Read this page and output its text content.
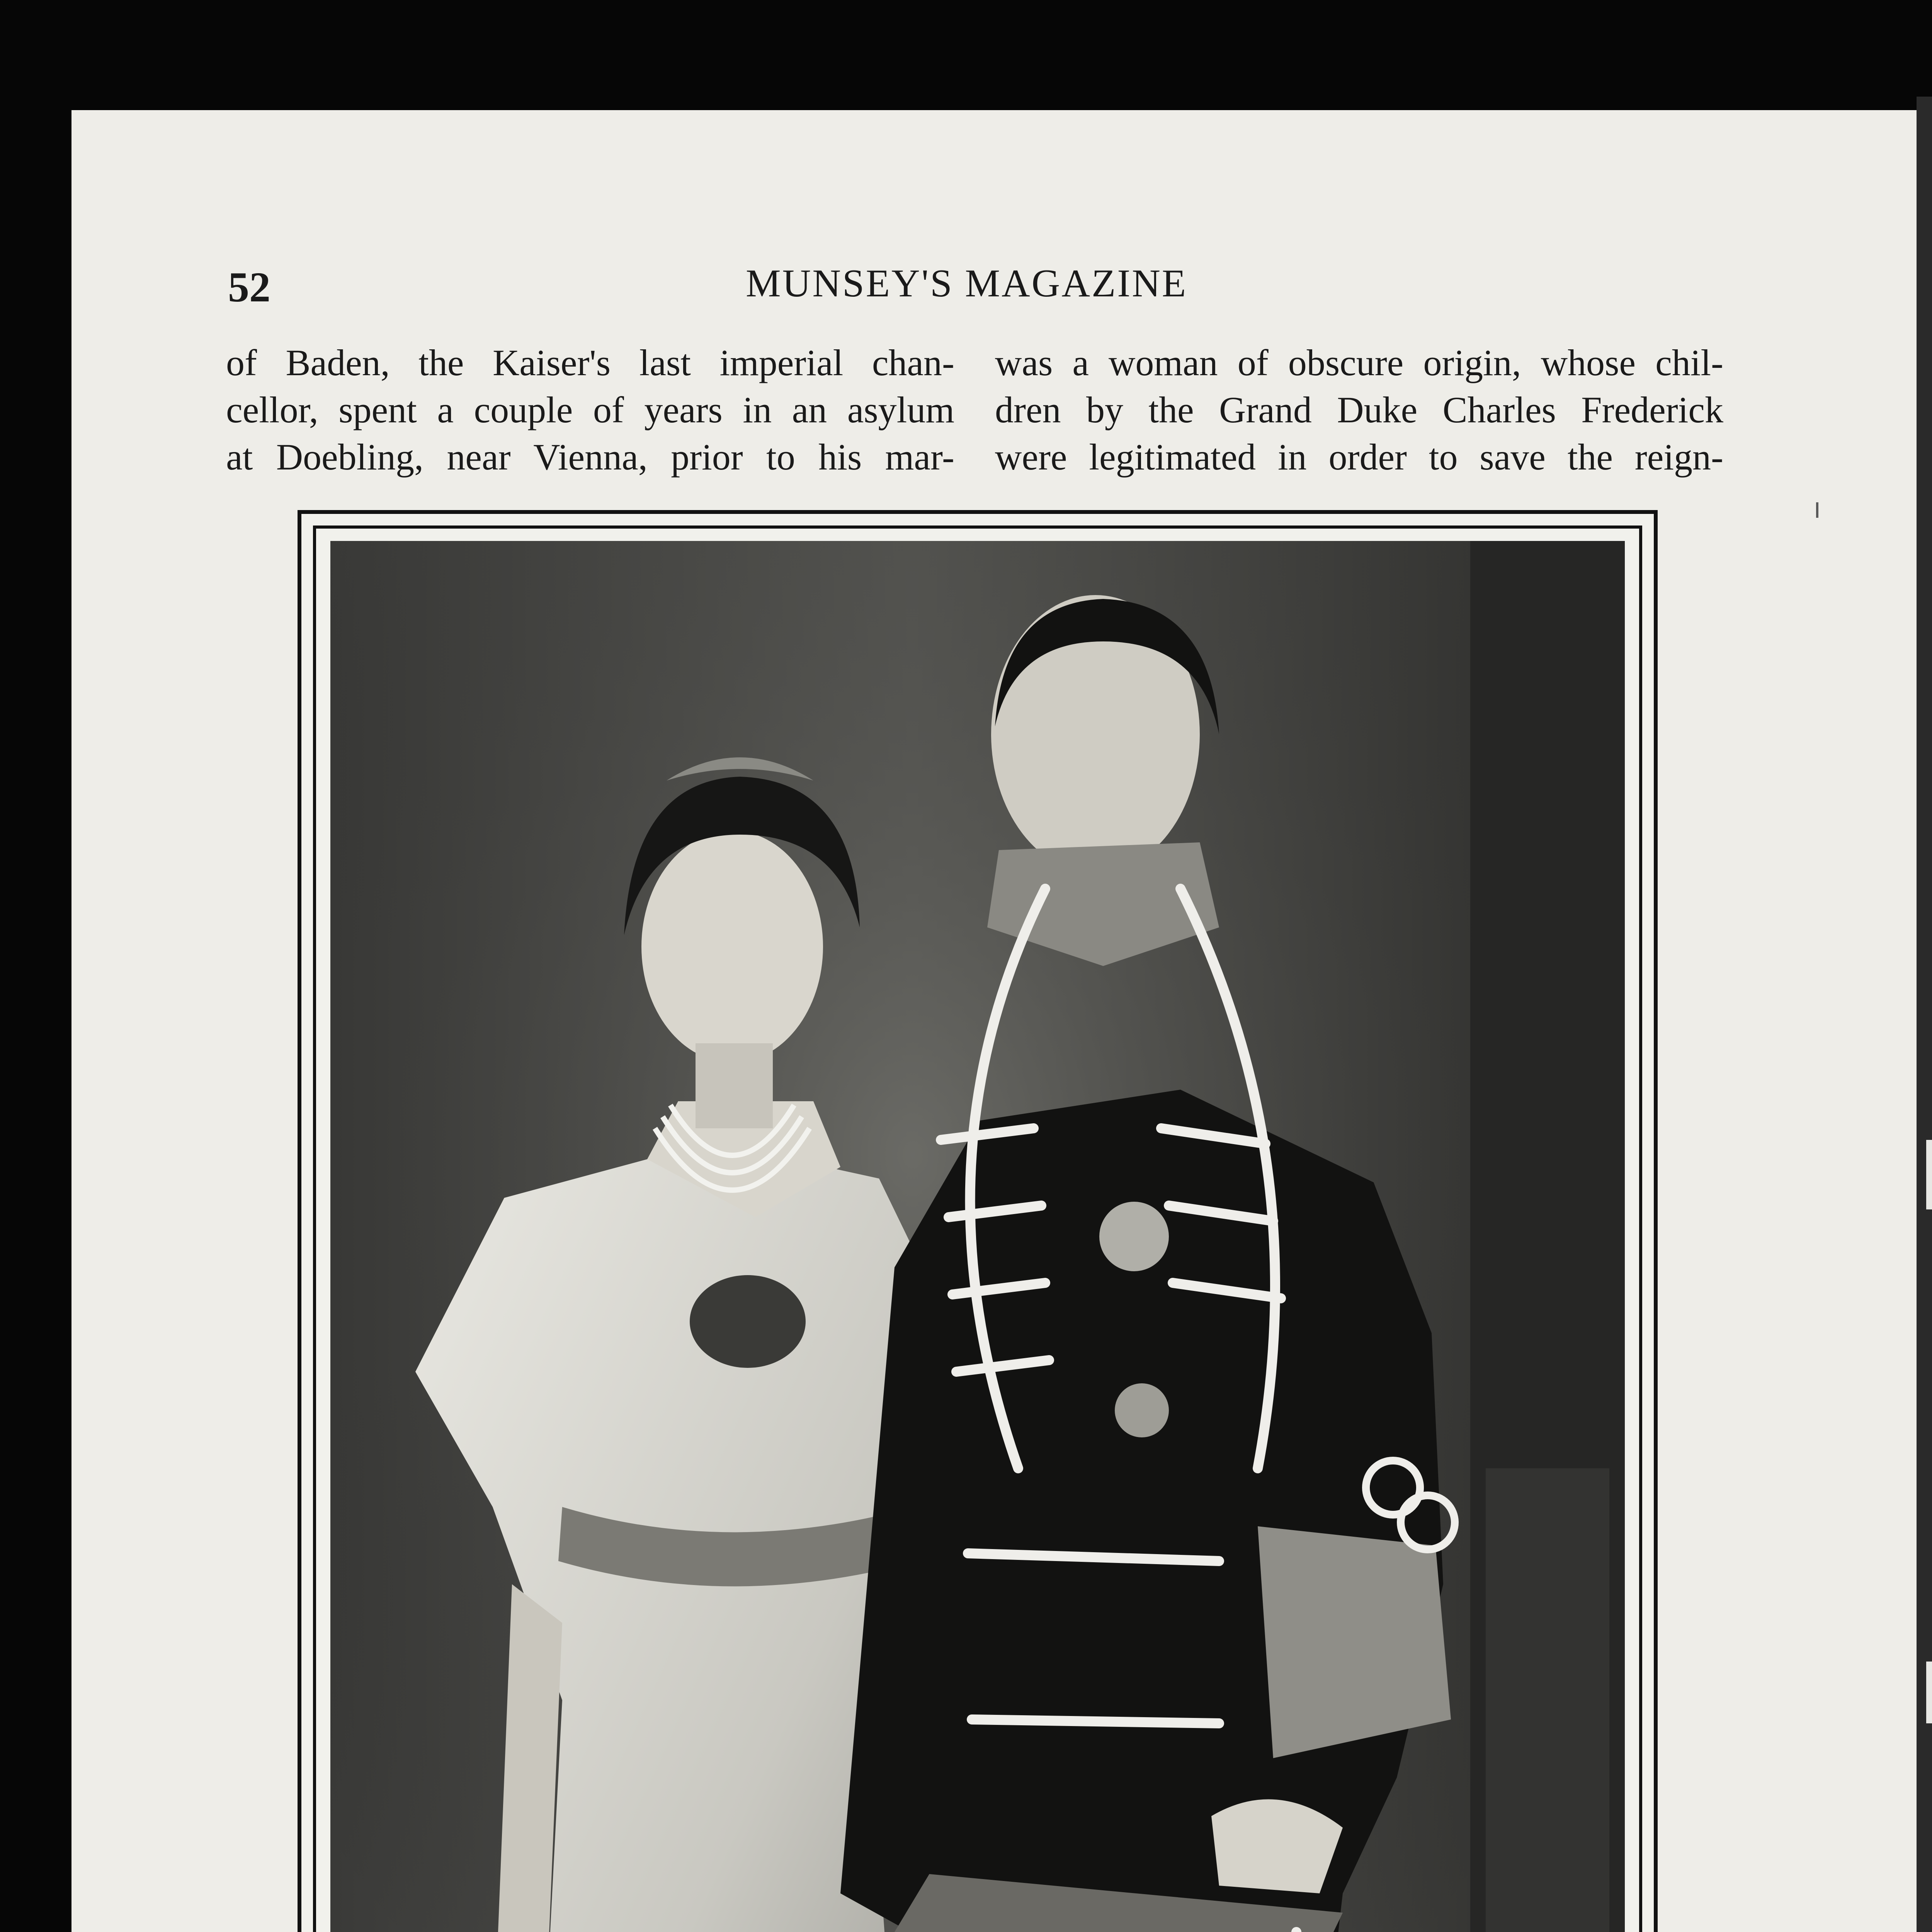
52	MUNSEY'S MAGAZINE
of Baden, the Kaiser's last imperial chan-
cellor, spent a couple of years in an asylum
at Doebling, near Vienna, prior to his mar-
was a woman of obscure origin, whose chil-
dren by the Grand Duke Charles Frederick
were legitimated in order to save the reign-
